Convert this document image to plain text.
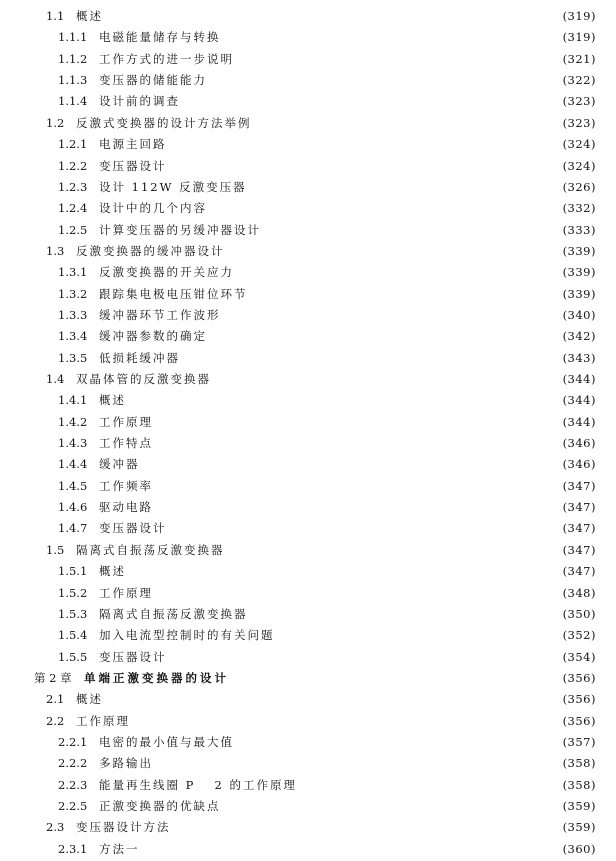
1.1 概述	(319)
1.1.1 电磁能量储存与转换	(319)
1.1.2 工作方式的进一步说明	(321)
1.1.3 变压器的储能能力	(322)
1.1.4 设计前的调查	(323)
1.2 反激式变换器的设计方法举例	(323)
1.2.1 电源主回路	(324)
1.2.2 变压器设计	(324)
1.2.3 设计 112W 反激变压器	(326)
1.2.4 设计中的几个内容	(332)
1.2.5 计算变压器的另缓冲器设计	(333)
1.3 反激变换器的缓冲器设计	(339)
1.3.1 反激变换器的开关应力	(339)
1.3.2 跟踪集电极电压钳位环节	(339)
1.3.3 缓冲器环节工作波形	(340)
1.3.4 缓冲器参数的确定	(342)
1.3.5 低损耗缓冲器	(343)
1.4 双晶体管的反激变换器	(344)
1.4.1 概述	(344)
1.4.2 工作原理	(344)
1.4.3 工作特点	(346)
1.4.4 缓冲器	(346)
1.4.5 工作频率	(347)
1.4.6 驱动电路	(347)
1.4.7 变压器设计	(347)
1.5 隔离式自振荡反激变换器	(347)
1.5.1 概述	(347)
1.5.2 工作原理	(348)
1.5.3 隔离式自振荡反激变换器	(350)
1.5.4 加入电流型控制时的有关问题	(352)
1.5.5 变压器设计	(354)
第 2 章 单端正激变换器的设计	(356)
2.1 概述	(356)
2.2 工作原理	(356)
2.2.1 电密的最小值与最大值	(357)
2.2.2 多路输出	(358)
2.2.3 能量再生线圈 P　 2 的工作原理	(358)
2.2.5 正激变换器的优缺点	(359)
2.3 变压器设计方法	(359)
2.3.1 方法一	(360)
